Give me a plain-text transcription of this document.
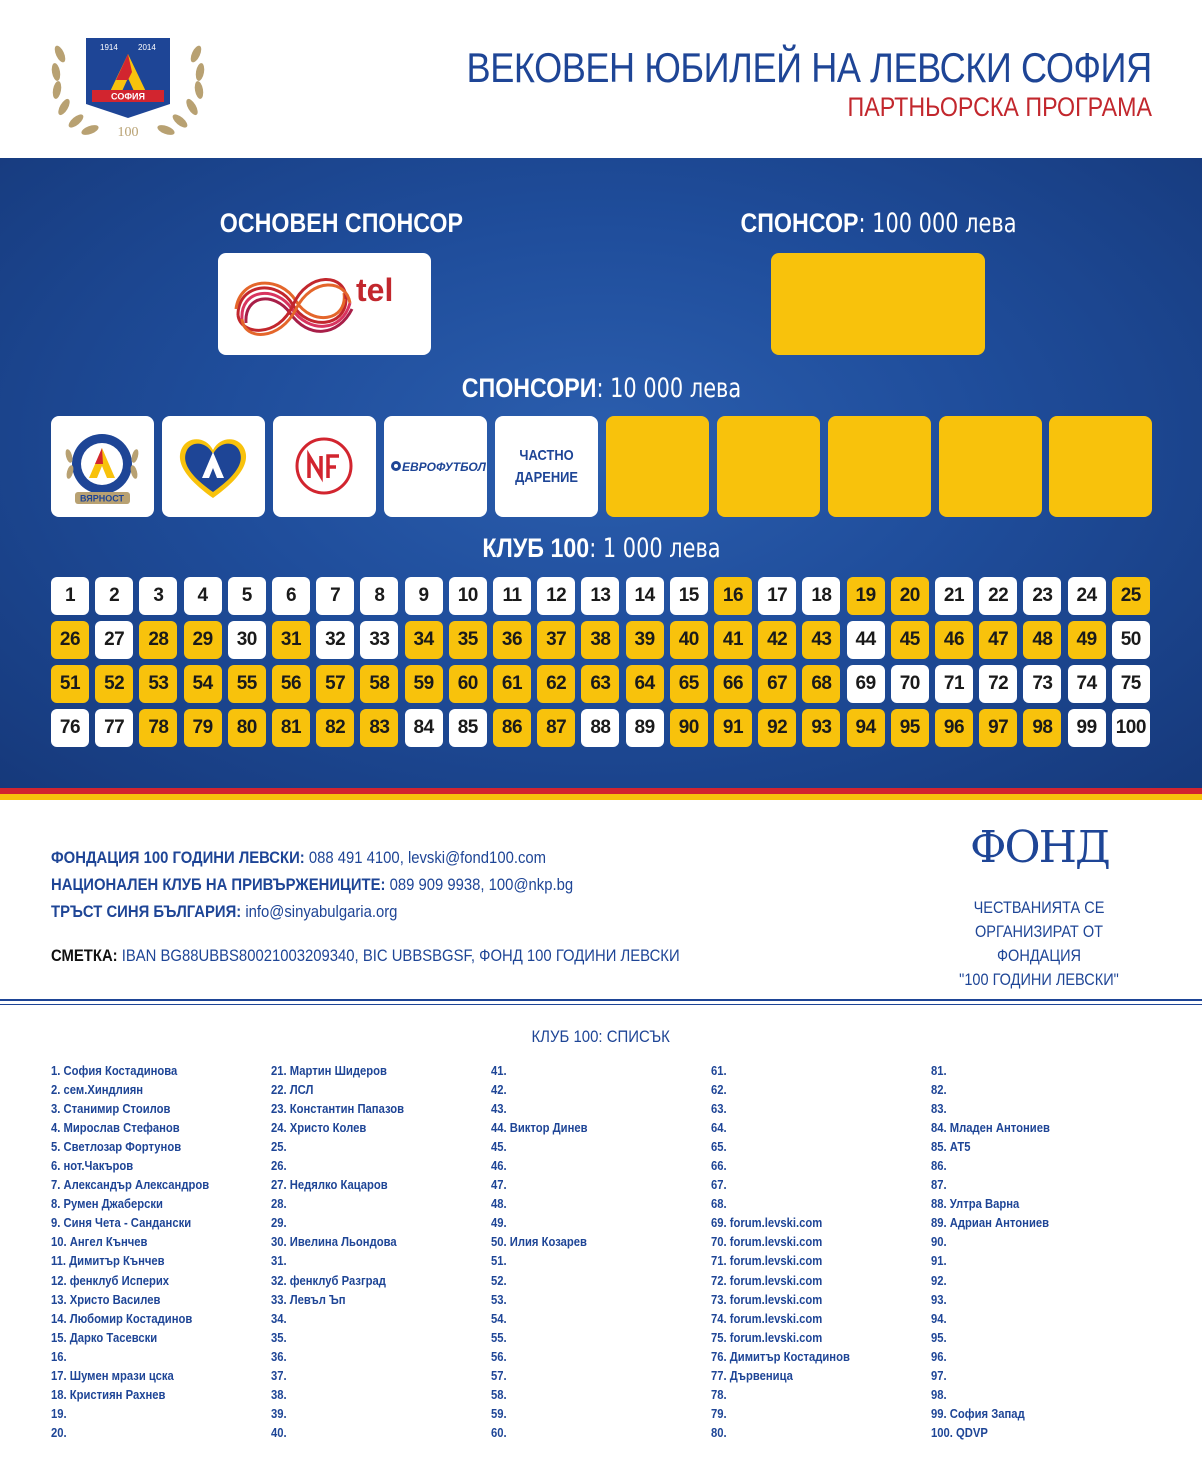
СОФИЯ
1914	2014
100
ВЕКОВЕН ЮБИЛЕЙ НА ЛЕВСКИ СОФИЯ
ПАРТНЬОРСКА ПРОГРАМА
ОСНОВЕН СПОНСОР
tel
СПОНСОР: 100 000 лева
СПОНСОРИ: 10 000 лева
ВЯРНОСТ
ЕВРОФУТБОЛ
ЧАСТНО
ДАРЕНИЕ
КЛУБ 100: 1 000 лева
1	2	3	4	5	6	7	8	9	10	11	12	13	14	15	16	17	18	19	20	21	22	23	24	25
26	27	28	29	30	31	32	33	34	35	36	37	38	39	40	41	42	43	44	45	46	47	48	49	50
51	52	53	54	55	56	57	58	59	60	61	62	63	64	65	66	67	68	69	70	71	72	73	74	75
76	77	78	79	80	81	82	83	84	85	86	87	88	89	90	91	92	93	94	95	96	97	98	99	100
ФОНДАЦИЯ 100 ГОДИНИ ЛЕВСКИ: 088 491 4100, levski@fond100.com
НАЦИОНАЛЕН КЛУБ НА ПРИВЪРЖЕНИЦИТЕ: 089 909 9938, 100@nkp.bg
ТРЪСТ СИНЯ БЪЛГАРИЯ: info@sinyabulgaria.org
СМЕТКА: IBAN BG88UBBS80021003209340, BIC UBBSBGSF, ФОНД 100 ГОДИНИ ЛЕВСКИ
ФОНД
ЧЕСТВАНИЯТА СЕ
ОРГАНИЗИРАТ ОТ ФОНДАЦИЯ
"100 ГОДИНИ ЛЕВСКИ"
КЛУБ 100: СПИСЪК
1. София Костадинова
2. сем.Хиндлиян
3. Станимир Стоилов
4. Мирослав Стефанов
5. Светлозар Фортунов
6. нот.Чакъров
7. Александър Александров
8. Румен Джаберски
9. Синя Чета - Сандански
10. Ангел Кънчев
11. Димитър Кънчев
12. фенклуб Исперих
13. Христо Василев
14. Любомир Костадинов
15. Дарко Тасевски
16.
17. Шумен мрази цска
18. Кристиян Рахнев
19.
20.
21. Мартин Шидеров
22. ЛСЛ
23. Константин Папазов
24. Христо Колев
25.
26.
27. Недялко Кацаров
28.
29.
30. Ивелина Льондова
31.
32. фенклуб Разград
33. Левъл Ъп
34.
35.
36.
37.
38.
39.
40.
41.
42.
43.
44. Виктор Динев
45.
46.
47.
48.
49.
50. Илия Козарев
51.
52.
53.
54.
55.
56.
57.
58.
59.
60.
61.
62.
63.
64.
65.
66.
67.
68.
69. forum.levski.com
70. forum.levski.com
71. forum.levski.com
72. forum.levski.com
73. forum.levski.com
74. forum.levski.com
75. forum.levski.com
76. Димитър Костадинов
77. Дървеница
78.
79.
80.
81.
82.
83.
84. Младен Антониев
85. АТ5
86.
87.
88. Ултра Варна
89. Адриан Антониев
90.
91.
92.
93.
94.
95.
96.
97.
98.
99. София Запад
100. QDVP
